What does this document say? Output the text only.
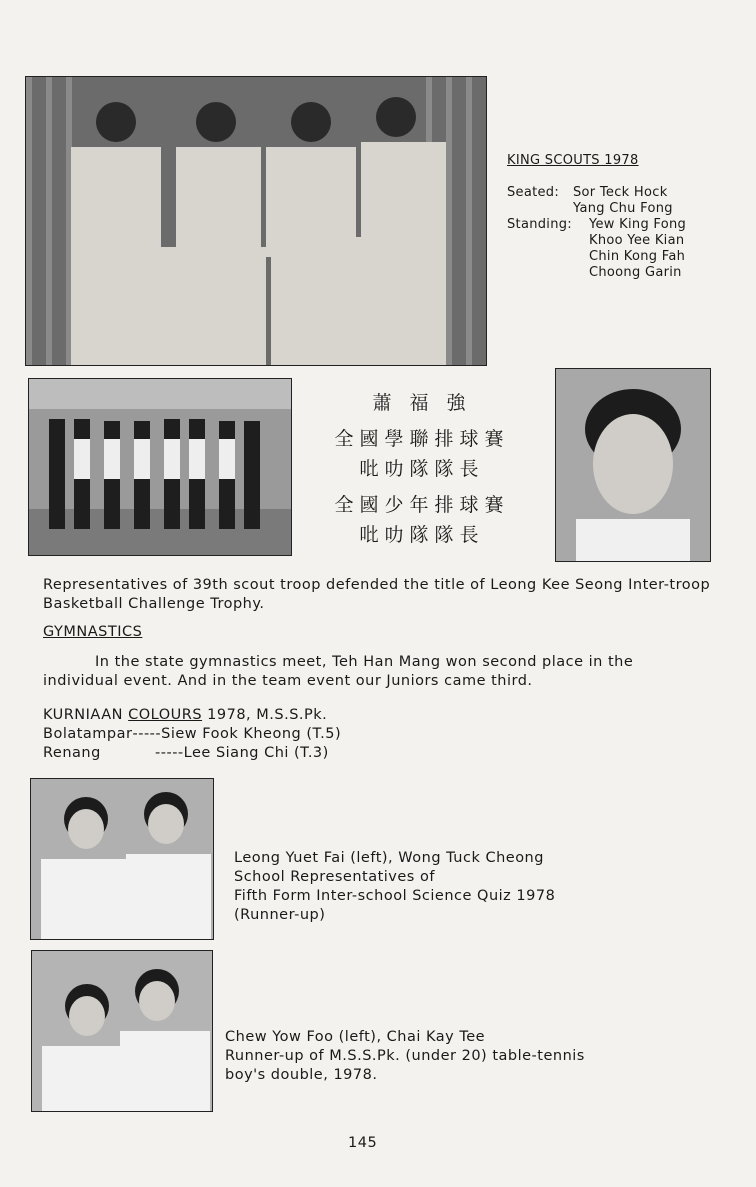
KING SCOUTS 1978
Seated:	Sor Teck Hock
Yang Chu Fong
Standing:	Yew King Fong
Khoo Yee Kian
Chin Kong Fah
Choong Garin
蕭 福 強
全國學聯排球賽
吡叻隊隊長
全國少年排球賽
吡叻隊隊長
Representatives of 39th scout troop defended the title of Leong Kee Seong Inter-troop Basketball Challenge Trophy.
GYMNASTICS
In the state gymnastics meet, Teh Han Mang won second place in the individual event. And in the team event our Juniors came third.
KURNIAAN COLOURS 1978, M.S.S.Pk.
Bolatampar ----- Siew Fook Kheong (T.5)
Renang	----- Lee Siang Chi (T.3)
Leong Yuet Fai (left), Wong Tuck Cheong
School Representatives of
Fifth Form Inter-school Science Quiz 1978
(Runner-up)
Chew Yow Foo (left), Chai Kay Tee
Runner-up of M.S.S.Pk. (under 20) table-tennis
boy's double, 1978.
145
